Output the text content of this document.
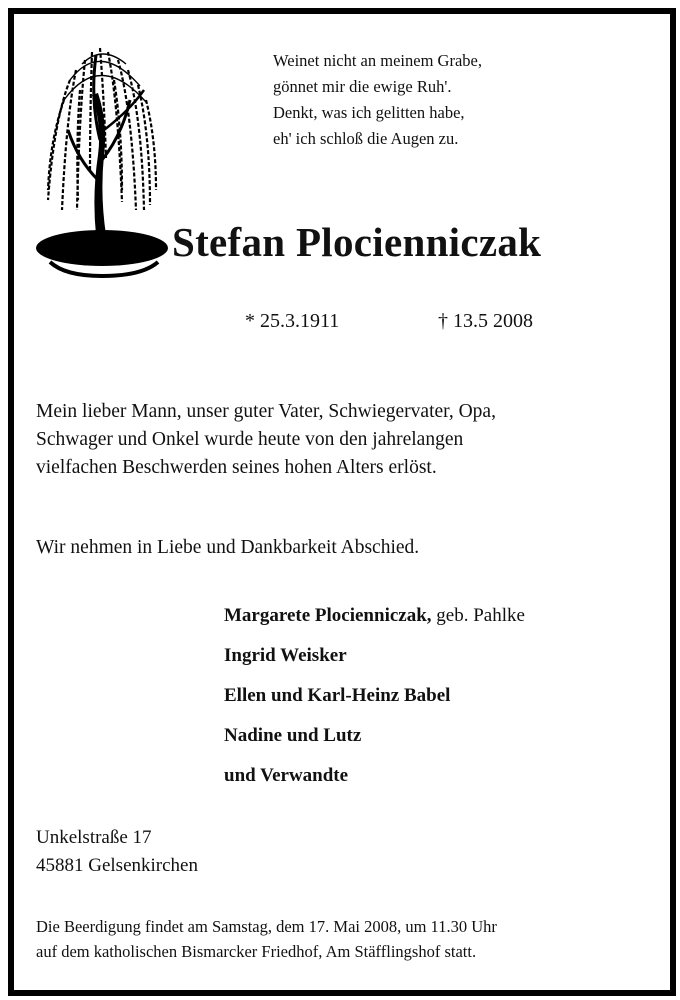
Weinet nicht an meinem Grabe,
gönnet mir die ewige Ruh'.
Denkt, was ich gelitten habe,
eh' ich schloß die Augen zu.
Stefan Plocienniczak
* 25.3.1911	† 13.5 2008
Mein lieber Mann, unser guter Vater, Schwiegervater, Opa,
Schwager und Onkel wurde heute von den jahrelangen
vielfachen Beschwerden seines hohen Alters erlöst.
Wir nehmen in Liebe und Dankbarkeit Abschied.
Margarete Plocienniczak, geb. Pahlke
Ingrid Weisker
Ellen und Karl-Heinz Babel
Nadine und Lutz
und Verwandte
Unkelstraße 17
45881 Gelsenkirchen
Die Beerdigung findet am Samstag, dem 17. Mai 2008, um 11.30 Uhr
auf dem katholischen Bismarcker Friedhof, Am Stäfflingshof statt.
